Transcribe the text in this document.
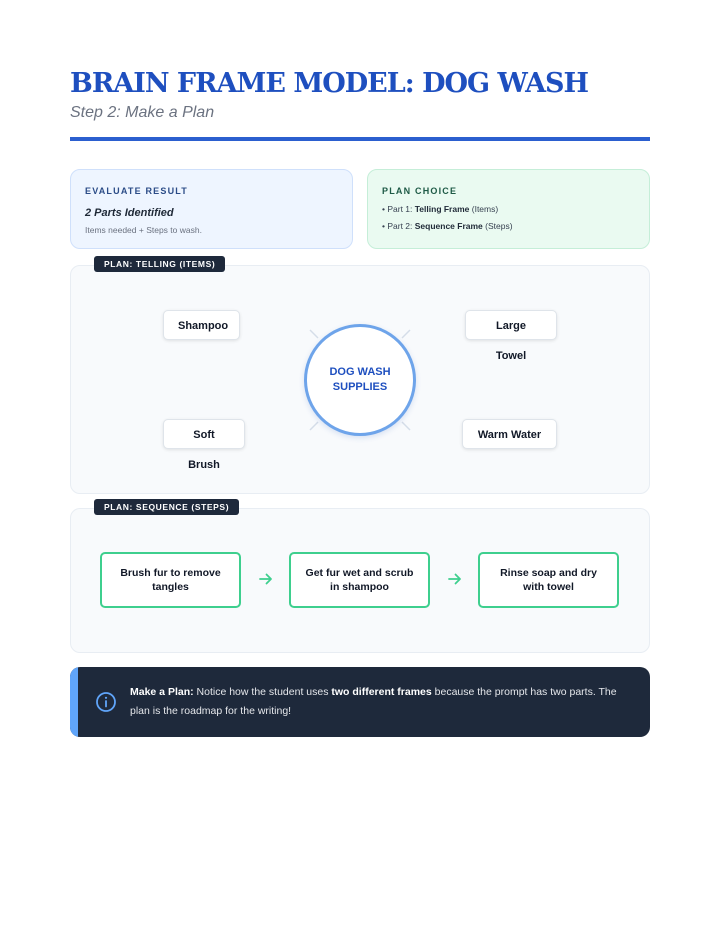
BRAIN FRAME MODEL: DOG WASH
Step 2: Make a Plan
EVALUATE RESULT
2 Parts Identified
Items needed + Steps to wash.
PLAN CHOICE
• Part 1: Telling Frame (Items)
• Part 2: Sequence Frame (Steps)
PLAN: TELLING (ITEMS)
DOG WASH
SUPPLIES
Shampoo	Large Towel
Soft Brush
Warm Water
PLAN: SEQUENCE (STEPS)
Brush fur to remove tangles
Get fur wet and scrub in shampoo
Rinse soap and dry with towel
Make a Plan: Notice how the student uses two different frames because the prompt has two parts. The plan is the roadmap for the writing!
